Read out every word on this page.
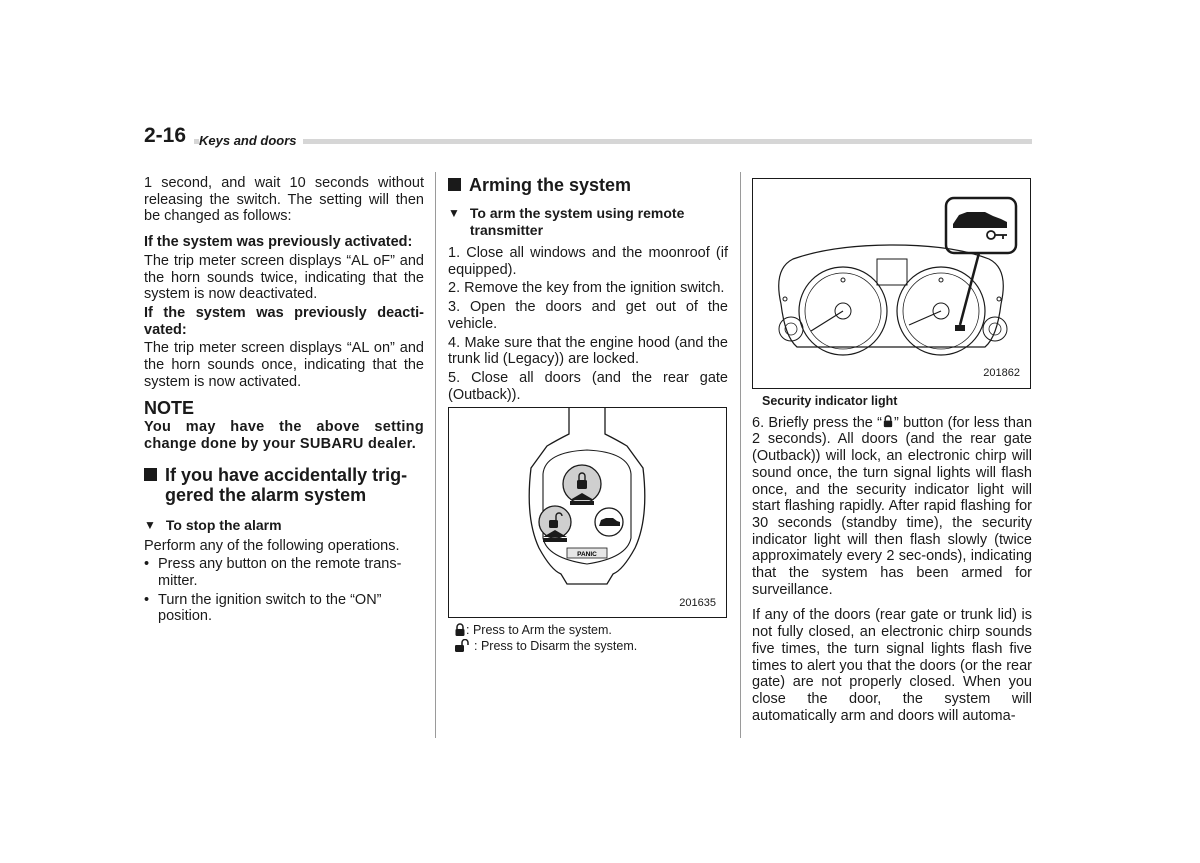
2-16 Keys and doors

1 second, and wait 10 seconds without releasing the switch. The setting will then be changed as follows:

If the system was previously activated:

The trip meter screen displays “AL oF” and the horn sounds twice, indicating that the system is now deactivated.

If the system was previously deacti-vated:

The trip meter screen displays “AL on” and the horn sounds once, indicating that the system is now activated.

NOTE

You may have the above setting change done by your SUBARU dealer.

If you have accidentally trig-gered the alarm system
▼ To stop the alarm

Perform any of the following operations.

• Press any button on the remote trans-mitter.
• Turn the ignition switch to the “ON” position.
Arming the system
▼ To arm the system using remote transmitter

1. Close all windows and the moonroof (if equipped).

2. Remove the key from the ignition switch.

3. Open the doors and get out of the vehicle.

4. Make sure that the engine hood (and the trunk lid (Legacy)) are locked.

5. Close all doors (and the rear gate (Outback)).

PANIC
201635
: Press to Arm the system.
: Press to Disarm the system.
201862
Security indicator light

6. Briefly press the “ ” button (for less than 2 seconds). All doors (and the rear gate (Outback)) will lock, an electronic chirp will sound once, the turn signal lights will flash once, and the security indicator light will start flashing rapidly. After rapid flashing for 30 seconds (standby time), the security indicator light will then flash slowly (twice approximately every 2 sec-onds), indicating that the system has been armed for surveillance.

If any of the doors (rear gate or trunk lid) is not fully closed, an electronic chirp sounds five times, the turn signal lights flash five times to alert you that the doors (or the rear gate) are not properly closed. When you close the door, the system will automatically arm and doors will automa-
